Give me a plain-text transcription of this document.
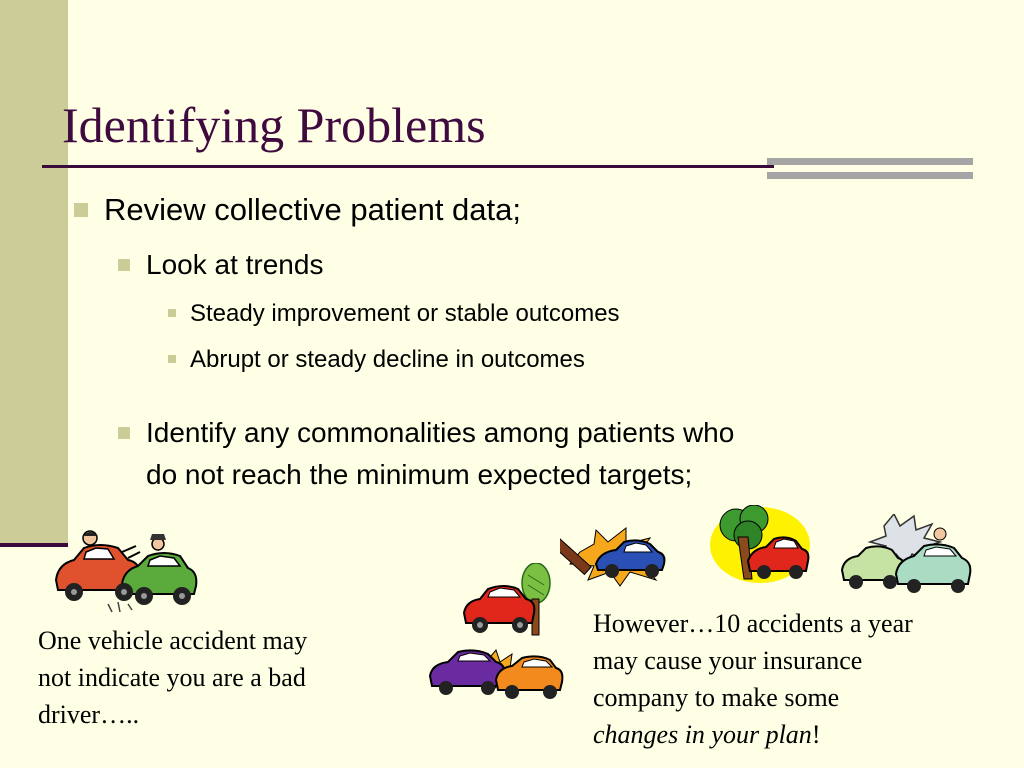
Identifying Problems
Review collective patient data;
Look at trends
Steady improvement or stable outcomes
Abrupt or steady decline in outcomes
Identify any commonalities among patients who
do not reach the minimum expected targets;

One vehicle accident may
not indicate you are a bad
driver…..

However…10 accidents a year
may cause your insurance
company to make some
changes in your plan!
